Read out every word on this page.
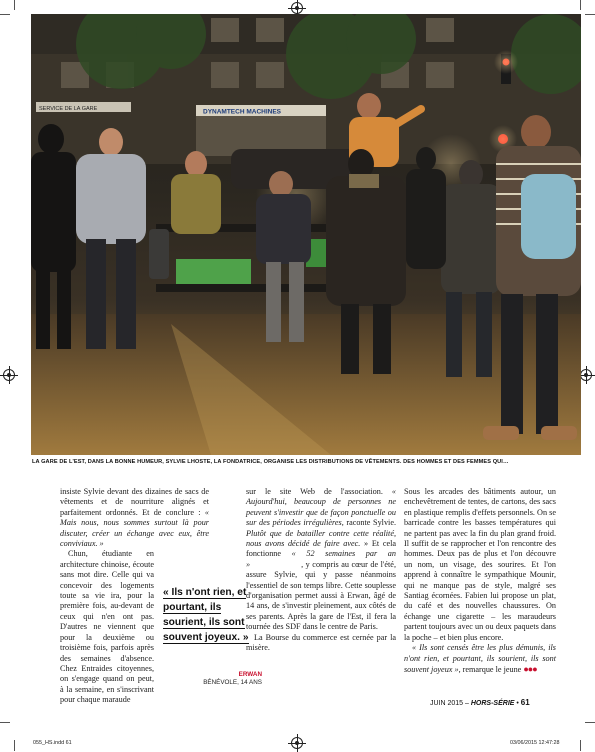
SERVICE DE LA GARE	DYNAMTECH MACHINES
LA GARE DE L'EST, DANS LA BONNE HUMEUR, SYLVIE LHOSTE, LA FONDATRICE, ORGANISE LES DISTRIBUTIONS DE VÊTEMENTS. DES HOMMES ET DES FEMMES QUI…

insiste Sylvie devant des dizaines de sacs de vêtements et de nourriture alignés et parfaitement ordonnés. Et de conclure : « Mais nous, nous sommes surtout là pour discuter, créer un échange avec eux, être conviviaux. »

Chun, étudiante en architecture chinoise, écoute sans mot dire. Celle qui va concevoir des logements toute sa vie ira, pour la première fois, au-devant de ceux qui n'en ont pas. D'autres ne viennent que pour la deuxième ou troisième fois, parfois après des semaines d'absence. Chez Entraides citoyennes, on s'engage quand on peut, à la semaine, en s'inscrivant pour chaque maraude

sur le site Web de l'association. « Aujourd'hui, beaucoup de personnes ne peuvent s'investir que de façon ponctuelle ou sur des périodes irrégulières, raconte Sylvie. Plutôt que de batailler contre cette réalité, nous avons décidé de faire avec. » Et cela fonctionne « 52 semaines par an »	, y compris au cœur de l'été, assure Sylvie, qui y passe néanmoins l'essentiel de son temps libre. Cette souplesse d'organisation permet aussi à Erwan, âgé de 14 ans, de s'investir pleinement, aux côtés de ses parents. Après la gare de l'Est, il fera la tournée des SDF dans le centre de Paris.

La Bourse du commerce est cernée par la misère.

Sous les arcades des bâtiments autour, un enchevêtrement de tentes, de cartons, des sacs en plastique remplis d'effets personnels. On se barricade contre les basses températures qui ne partent pas avec la fin du plan grand froid. Il suffit de se rapprocher et l'on rencontre des hommes. Deux pas de plus et l'on découvre un nom, un visage, des sourires. Et l'on apprend à connaître le sympathique Mounir, qui ne manque pas de style, malgré ses Santiag écornées. Fabien lui propose un plat, du café et des nouvelles chaussures. On échange une cigarette – les maraudeurs partent toujours avec un ou deux paquets dans la poche – et bien plus encore.

« Ils sont censés être les plus démunis, ils n'ont rien, et pourtant, ils sourient, ils sont souvent joyeux », remarque le jeune ●●●

« Ils n'ont rien, et pourtant, ils sourient, ils sont souvent joyeux. »
ERWAN
BÉNÉVOLE, 14 ANS
JUIN 2015 – HORS-SÉRIE • 61
055_HS.indd 61	03/06/2015 12:47:28
